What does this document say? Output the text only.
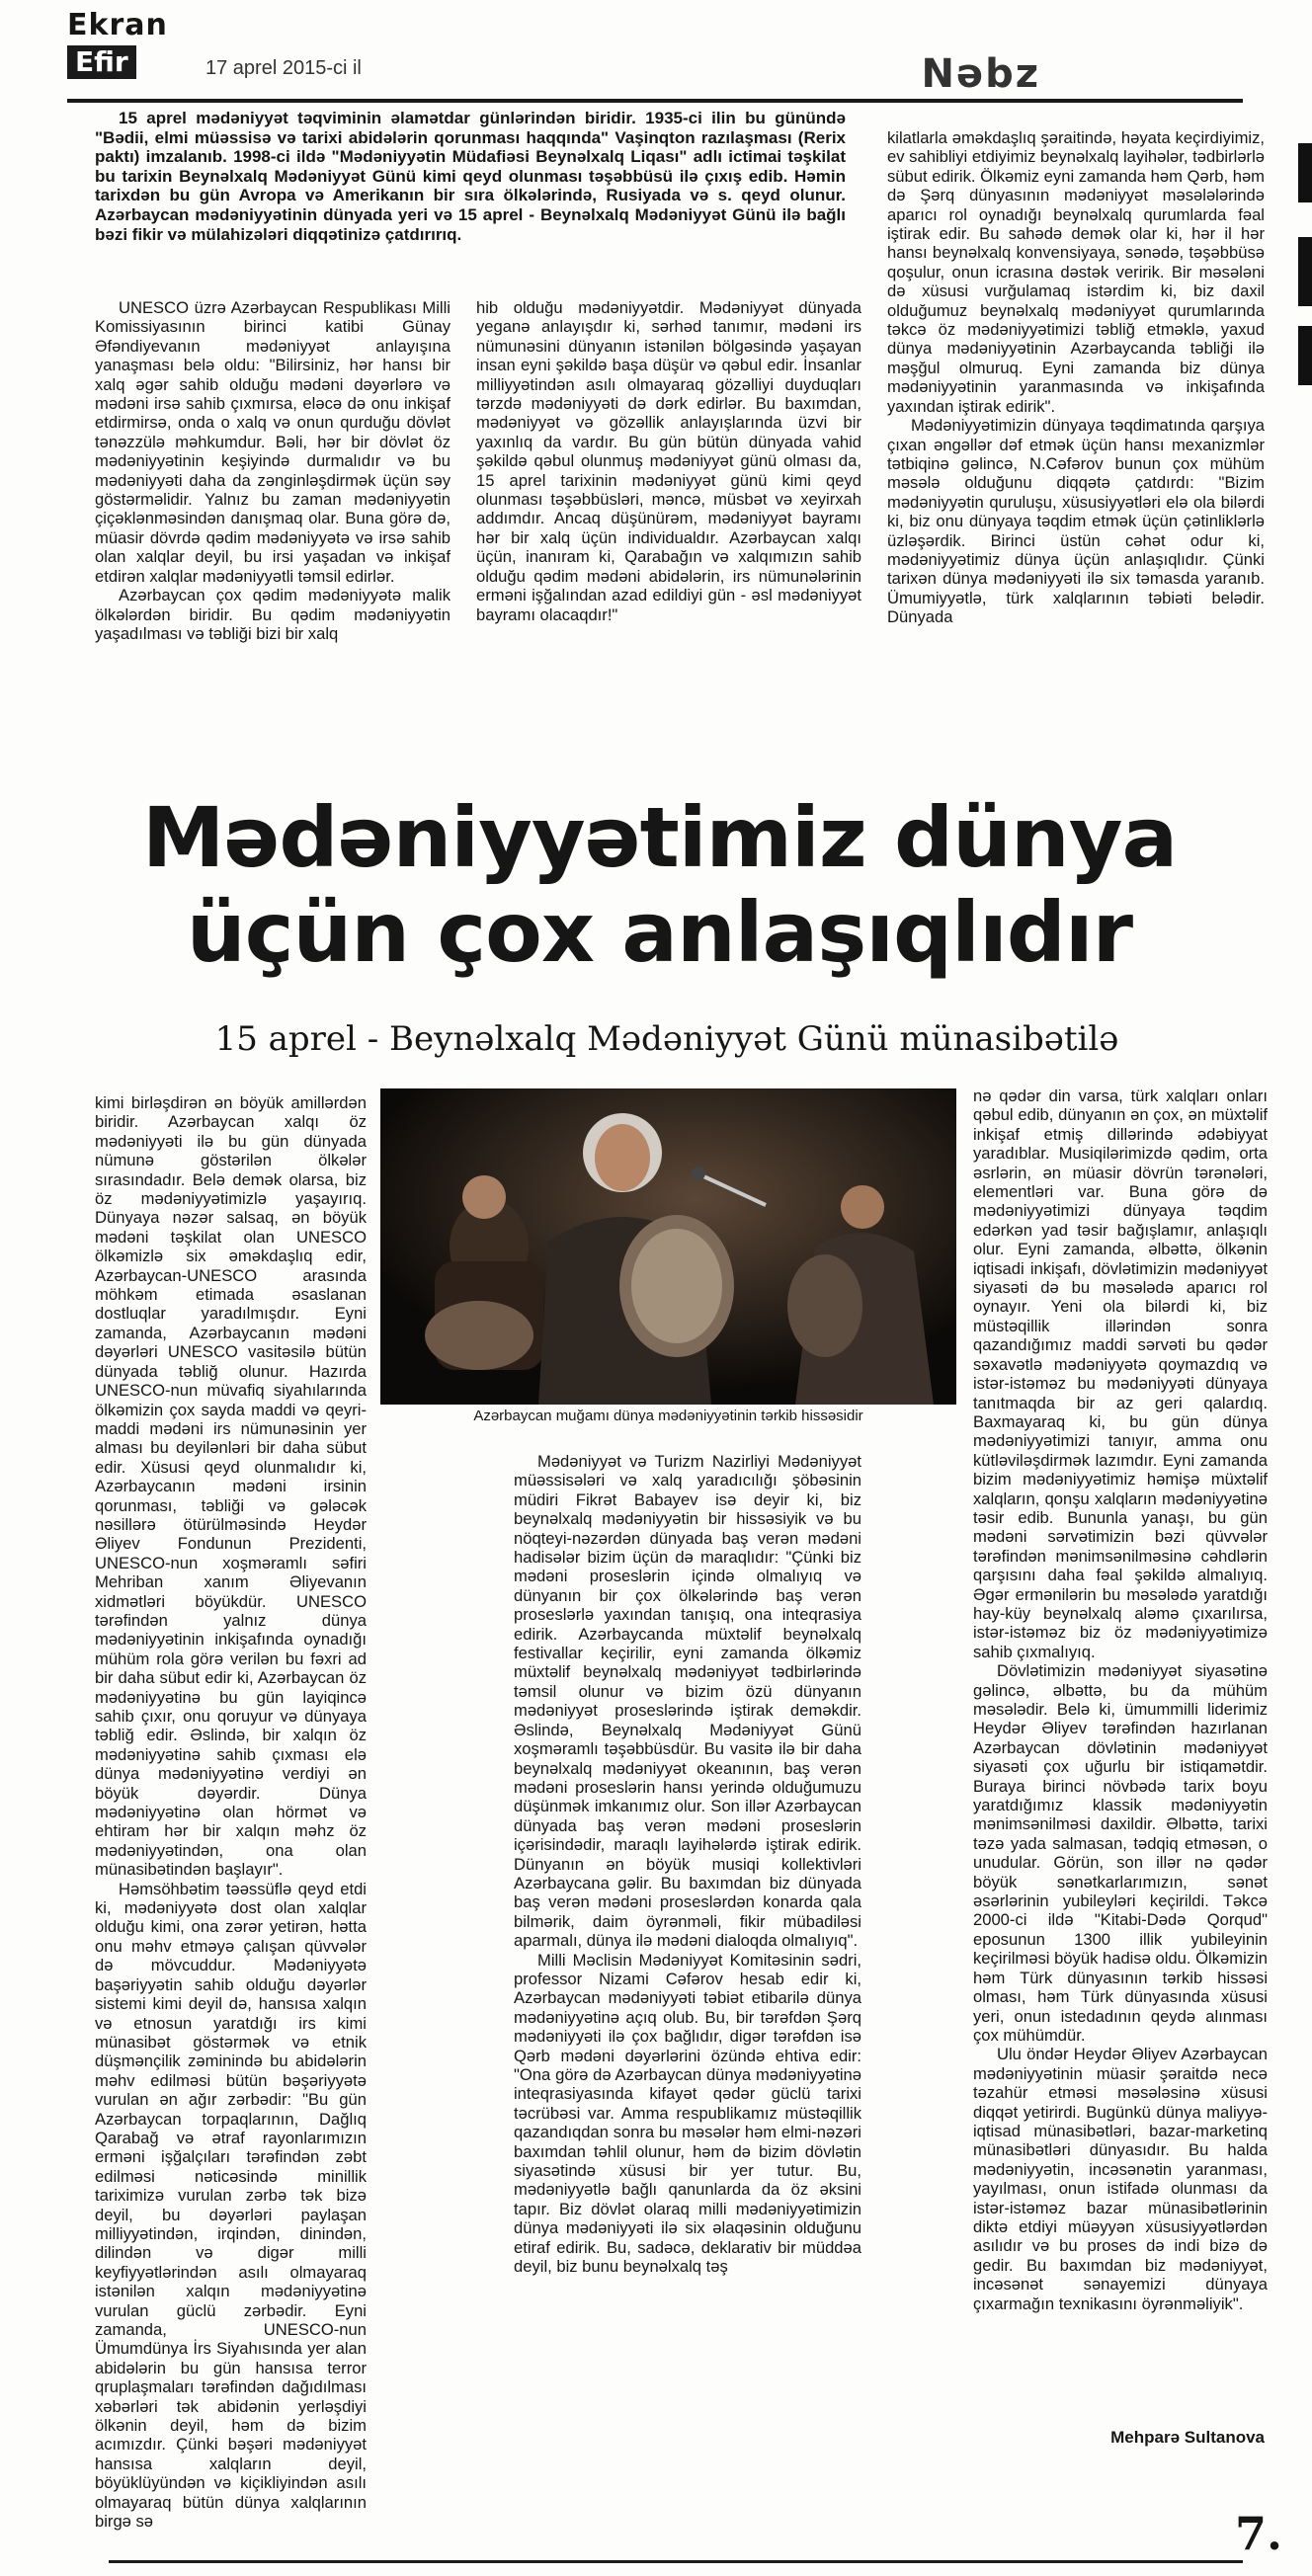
Ekran
Efir	17 aprel 2015-ci il	Nəbz

15 aprel mədəniyyət təqviminin əlamətdar günlərindən biridir. 1935-ci ilin bu günündə "Bədii, elmi müəssisə və tarixi abidələrin qorunması haqqında" Vaşinqton razılaşması (Rerix paktı) imzalanıb. 1998-ci ildə "Mədəniyyətin Müdafiəsi Beynəlxalq Liqası" adlı ictimai təşkilat bu tarixin Beynəlxalq Mədəniyyət Günü kimi qeyd olunması təşəbbüsü ilə çıxış edib. Həmin tarixdən bu gün Avropa və Amerikanın bir sıra ölkələrində, Rusiyada və s. qeyd olunur. Azərbaycan mədəniyyətinin dünyada yeri və 15 aprel - Beynəlxalq Mədəniyyət Günü ilə bağlı bəzi fikir və mülahizələri diqqətinizə çatdırırıq.

UNESCO üzrə Azərbaycan Respublikası Milli Komissiyasının birinci katibi Günay Əfəndiyevanın mədəniyyət anlayışına yanaşması belə oldu: "Bilirsiniz, hər hansı bir xalq əgər sahib olduğu mədəni dəyərlərə və mədəni irsə sahib çıxmırsa, eləcə də onu inkişaf etdirmirsə, onda o xalq və onun qurduğu dövlət tənəzzülə məhkumdur. Bəli, hər bir dövlət öz mədəniyyətinin keşiyində durmalıdır və bu mədəniyyəti daha da zənginləşdirmək üçün səy göstərməlidir. Yalnız bu zaman mədəniyyətin çiçəklənməsindən danışmaq olar. Buna görə də, müasir dövrdə qədim mədəniyyətə və irsə sahib olan xalqlar deyil, bu irsi yaşadan və inkişaf etdirən xalqlar mədəniyyətli təmsil edirlər.

Azərbaycan çox qədim mədəniyyətə malik ölkələrdən biridir. Bu qədim mədəniyyətin yaşadılması və təbliği bizi bir xalq

hib olduğu mədəniyyətdir. Mədəniyyət dünyada yeganə anlayışdır ki, sərhəd tanımır, mədəni irs nümunəsini dünyanın istənilən bölgəsində yaşayan insan eyni şəkildə başa düşür və qəbul edir. İnsanlar milliyyətindən asılı olmayaraq gözəlliyi duyduqları tərzdə mədəniyyəti də dərk edirlər. Bu baxımdan, mədəniyyət və gözəllik anlayışlarında üzvi bir yaxınlıq da vardır. Bu gün bütün dünyada vahid şəkildə qəbul olunmuş mədəniyyət günü olması da, 15 aprel tarixinin mədəniyyət günü kimi qeyd olunması təşəbbüsləri, məncə, müsbət və xeyirxah addımdır. Ancaq düşünürəm, mədəniyyət bayramı hər bir xalq üçün individualdır. Azərbaycan xalqı üçün, inanıram ki, Qarabağın və xalqımızın sahib olduğu qədim mədəni abidələrin, irs nümunələrinin erməni işğalından azad edildiyi gün - əsl mədəniyyət bayramı olacaqdır!"

kilatlarla əməkdaşlıq şəraitində, həyata keçirdiyimiz, ev sahibliyi etdiyimiz beynəlxalq layihələr, tədbirlərlə sübut edirik. Ölkəmiz eyni zamanda həm Qərb, həm də Şərq dünyasının mədəniyyət məsələlərində aparıcı rol oynadığı beynəlxalq qurumlarda fəal iştirak edir. Bu sahədə demək olar ki, hər il hər hansı beynəlxalq konvensiyaya, sənədə, təşəbbüsə qoşulur, onun icrasına dəstək veririk. Bir məsələni də xüsusi vurğulamaq istərdim ki, biz daxil olduğumuz beynəlxalq mədəniyyət qurumlarında təkcə öz mədəniyyətimizi təbliğ etməklə, yaxud dünya mədəniyyətinin Azərbaycanda təbliği ilə məşğul olmuruq. Eyni zamanda biz dünya mədəniyyətinin yaranmasında və inkişafında yaxından iştirak edirik".

Mədəniyyətimizin dünyaya təqdimatında qarşıya çıxan əngəllər dəf etmək üçün hansı mexanizmlər tətbiqinə gəlincə, N.Cəfərov bunun çox mühüm məsələ olduğunu diqqətə çatdırdı: "Bizim mədəniyyətin quruluşu, xüsusiyyətləri elə ola bilərdi ki, biz onu dünyaya təqdim etmək üçün çətinliklərlə üzləşərdik. Birinci üstün cəhət odur ki, mədəniyyətimiz dünya üçün anlaşıqlıdır. Çünki tarixən dünya mədəniyyəti ilə six təmasda yaranıb. Ümumiyyətlə, türk xalqlarının təbiəti belədir. Dünyada

Mədəniyyətimiz dünya
üçün çox anlaşıqlıdır
15 aprel - Beynəlxalq Mədəniyyət Günü münasibətilə
Azərbaycan muğamı dünya mədəniyyətinin tərkib hissəsidir

kimi birləşdirən ən böyük amillərdən biridir. Azərbaycan xalqı öz mədəniyyəti ilə bu gün dünyada nümunə göstərilən ölkələr sırasındadır. Belə demək olarsa, biz öz mədəniyyətimizlə yaşayırıq. Dünyaya nəzər salsaq, ən böyük mədəni təşkilat olan UNESCO ölkəmizlə six əməkdaşlıq edir, Azərbaycan-UNESCO arasında möhkəm etimada əsaslanan dostluqlar yaradılmışdır. Eyni zamanda, Azərbaycanın mədəni dəyərləri UNESCO vasitəsilə bütün dünyada təbliğ olunur. Hazırda UNESCO-nun müvafiq siyahılarında ölkəmizin çox sayda maddi və qeyri-maddi mədəni irs nümunəsinin yer alması bu deyilənləri bir daha sübut edir. Xüsusi qeyd olunmalıdır ki, Azərbaycanın mədəni irsinin qorunması, təbliği və gələcək nəsillərə ötürülməsində Heydər Əliyev Fondunun Prezidenti, UNESCO-nun xoşməramlı səfiri Mehriban xanım Əliyevanın xidmətləri böyükdür. UNESCO tərəfindən yalnız dünya mədəniyyətinin inkişafında oynadığı mühüm rola görə verilən bu fəxri ad bir daha sübut edir ki, Azərbaycan öz mədəniyyətinə bu gün layiqincə sahib çıxır, onu qoruyur və dünyaya təbliğ edir. Əslində, bir xalqın öz mədəniyyətinə sahib çıxması elə dünya mədəniyyətinə verdiyi ən böyük dəyərdir. Dünya mədəniyyətinə olan hörmət və ehtiram hər bir xalqın məhz öz mədəniyyətindən, ona olan münasibətindən başlayır".

Həmsöhbətim təəssüflə qeyd etdi ki, mədəniyyətə dost olan xalqlar olduğu kimi, ona zərər yetirən, hətta onu məhv etməyə çalışan qüvvələr də mövcuddur. Mədəniyyətə başəriyyətin sahib olduğu dəyərlər sistemi kimi deyil də, hansısa xalqın və etnosun yaratdığı irs kimi münasibət göstərmək və etnik düşmənçilik zəminində bu abidələrin məhv edilməsi bütün bəşəriyyətə vurulan ən ağır zərbədir: "Bu gün Azərbaycan torpaqlarının, Dağlıq Qarabağ və ətraf rayonlarımızın erməni işğalçıları tərəfindən zəbt edilməsi nəticəsində minillik tariximizə vurulan zərbə tək bizə deyil, bu dəyərləri paylaşan milliyyətindən, irqindən, dinindən, dilindən və digər milli keyfiyyətlərindən asılı olmayaraq istənilən xalqın mədəniyyətinə vurulan güclü zərbədir. Eyni zamanda, UNESCO-nun Ümumdünya İrs Siyahısında yer alan abidələrin bu gün hansısa terror qruplaşmaları tərəfindən dağıdılması xəbərləri tək abidənin yerləşdiyi ölkənin deyil, həm də bizim acımızdır. Çünki bəşəri mədəniyyət hansısa xalqların deyil, böyüklüyündən və kiçikliyindən asılı olmayaraq bütün dünya xalqlarının birgə sə

Mədəniyyət və Turizm Nazirliyi Mədəniyyət müəssisələri və xalq yaradıcılığı şöbəsinin müdiri Fikrət Babayev isə deyir ki, biz beynəlxalq mədəniyyətin bir hissəsiyik və bu nöqteyi-nəzərdən dünyada baş verən mədəni hadisələr bizim üçün də maraqlıdır: "Çünki biz mədəni proseslərin içində olmalıyıq və dünyanın bir çox ölkələrində baş verən proseslərlə yaxından tanışıq, ona inteqrasiya edirik. Azərbaycanda müxtəlif beynəlxalq festivallar keçirilir, eyni zamanda ölkəmiz müxtəlif beynəlxalq mədəniyyət tədbirlərində təmsil olunur və bizim özü dünyanın mədəniyyət proseslərində iştirak deməkdir. Əslində, Beynəlxalq Mədəniyyət Günü xoşməramlı təşəbbüsdür. Bu vasitə ilə bir daha beynəlxalq mədəniyyət okeanının, baş verən mədəni proseslərin hansı yerində olduğumuzu düşünmək imkanımız olur. Son illər Azərbaycan dünyada baş verən mədəni proseslərin içərisindədir, maraqlı layihələrdə iştirak edirik. Dünyanın ən böyük musiqi kollektivləri Azərbaycana gəlir. Bu baxımdan biz dünyada baş verən mədəni proseslərdən konarda qala bilmərik, daim öyrənməli, fikir mübadiləsi aparmalı, dünya ilə mədəni dialoqda olmalıyıq".

Milli Məclisin Mədəniyyət Komitəsinin sədri, professor Nizami Cəfərov hesab edir ki, Azərbaycan mədəniyyəti təbiət etibarilə dünya mədəniyyətinə açıq olub. Bu, bir tərəfdən Şərq mədəniyyəti ilə çox bağlıdır, digər tərəfdən isə Qərb mədəni dəyərlərini özündə ehtiva edir: "Ona görə də Azərbaycan dünya mədəniyyətinə inteqrasiyasında kifayət qədər güclü tarixi təcrübəsi var. Amma respublikamız müstəqillik qazandıqdan sonra bu məsələr həm elmi-nəzəri baxımdan təhlil olunur, həm də bizim dövlətin siyasətində xüsusi bir yer tutur. Bu, mədəniyyətlə bağlı qanunlarda da öz əksini tapır. Biz dövlət olaraq milli mədəniyyətimizin dünya mədəniyyəti ilə six əlaqəsinin olduğunu etiraf edirik. Bu, sadəcə, deklarativ bir müddəa deyil, biz bunu beynəlxalq təş

nə qədər din varsa, türk xalqları onları qəbul edib, dünyanın ən çox, ən müxtəlif inkişaf etmiş dillərində ədəbiyyat yaradıblar. Musiqilərimizdə qədim, orta əsrlərin, ən müasir dövrün tərənələri, elementləri var. Buna görə də mədəniyyətimizi dünyaya təqdim edərkən yad təsir bağışlamır, anlaşıqlı olur. Eyni zamanda, əlbəttə, ölkənin iqtisadi inkişafı, dövlətimizin mədəniyyət siyasəti də bu məsələdə aparıcı rol oynayır. Yeni ola bilərdi ki, biz müstəqillik illərindən sonra qazandığımız maddi sərvəti bu qədər səxavətlə mədəniyyətə qoymazdıq və istər-istəməz bu mədəniyyəti dünyaya tanıtmaqda bir az geri qalardıq. Baxmayaraq ki, bu gün dünya mədəniyyətimizi tanıyır, amma onu kütləviləşdirmək lazımdır. Eyni zamanda bizim mədəniyyətimiz həmişə müxtəlif xalqların, qonşu xalqların mədəniyyətinə təsir edib. Bununla yanaşı, bu gün mədəni sərvətimizin bəzi qüvvələr tərəfindən mənimsənilməsinə cəhdlərin qarşısını daha fəal şəkildə almalıyıq. Əgər ermənilərin bu məsələdə yaratdığı hay-küy beynəlxalq aləmə çıxarılırsa, istər-istəməz biz öz mədəniyyətimizə sahib çıxmalıyıq.

Dövlətimizin mədəniyyət siyasətinə gəlincə, əlbəttə, bu da mühüm məsələdir. Belə ki, ümummilli liderimiz Heydər Əliyev tərəfindən hazırlanan Azərbaycan dövlətinin mədəniyyət siyasəti çox uğurlu bir istiqamətdir. Buraya birinci növbədə tarix boyu yaratdığımız klassik mədəniyyətin mənimsənilməsi daxildir. Əlbəttə, tarixi təzə yada salmasan, tədqiq etməsən, o unudular. Görün, son illər nə qədər böyük sənətkarlarımızın, sənət əsərlərinin yubileyləri keçirildi. Təkcə 2000-ci ildə "Kitabi-Dədə Qorqud" eposunun 1300 illik yubileyinin keçirilməsi böyük hadisə oldu. Ölkəmizin həm Türk dünyasının tərkib hissəsi olması, həm Türk dünyasında xüsusi yeri, onun istedadının qeydə alınması çox mühümdür.

Ulu öndər Heydər Əliyev Azərbaycan mədəniyyətinin müasir şəraitdə necə təzahür etməsi məsələsinə xüsusi diqqət yetirirdi. Bugünkü dünya maliyyə-iqtisad münasibətləri, bazar-marketinq münasibətləri dünyasıdır. Bu halda mədəniyyətin, incəsənətin yaranması, yayılması, onun istifadə olunması da istər-istəməz bazar münasibətlərinin diktə etdiyi müəyyən xüsusiyyətlərdən asılıdır və bu proses də indi bizə də gedir. Bu baxımdan biz mədəniyyət, incəsənət sənayemizi dünyaya çıxarmağın texnikasını öyrənməliyik".

Mehparə Sultanova
7.
